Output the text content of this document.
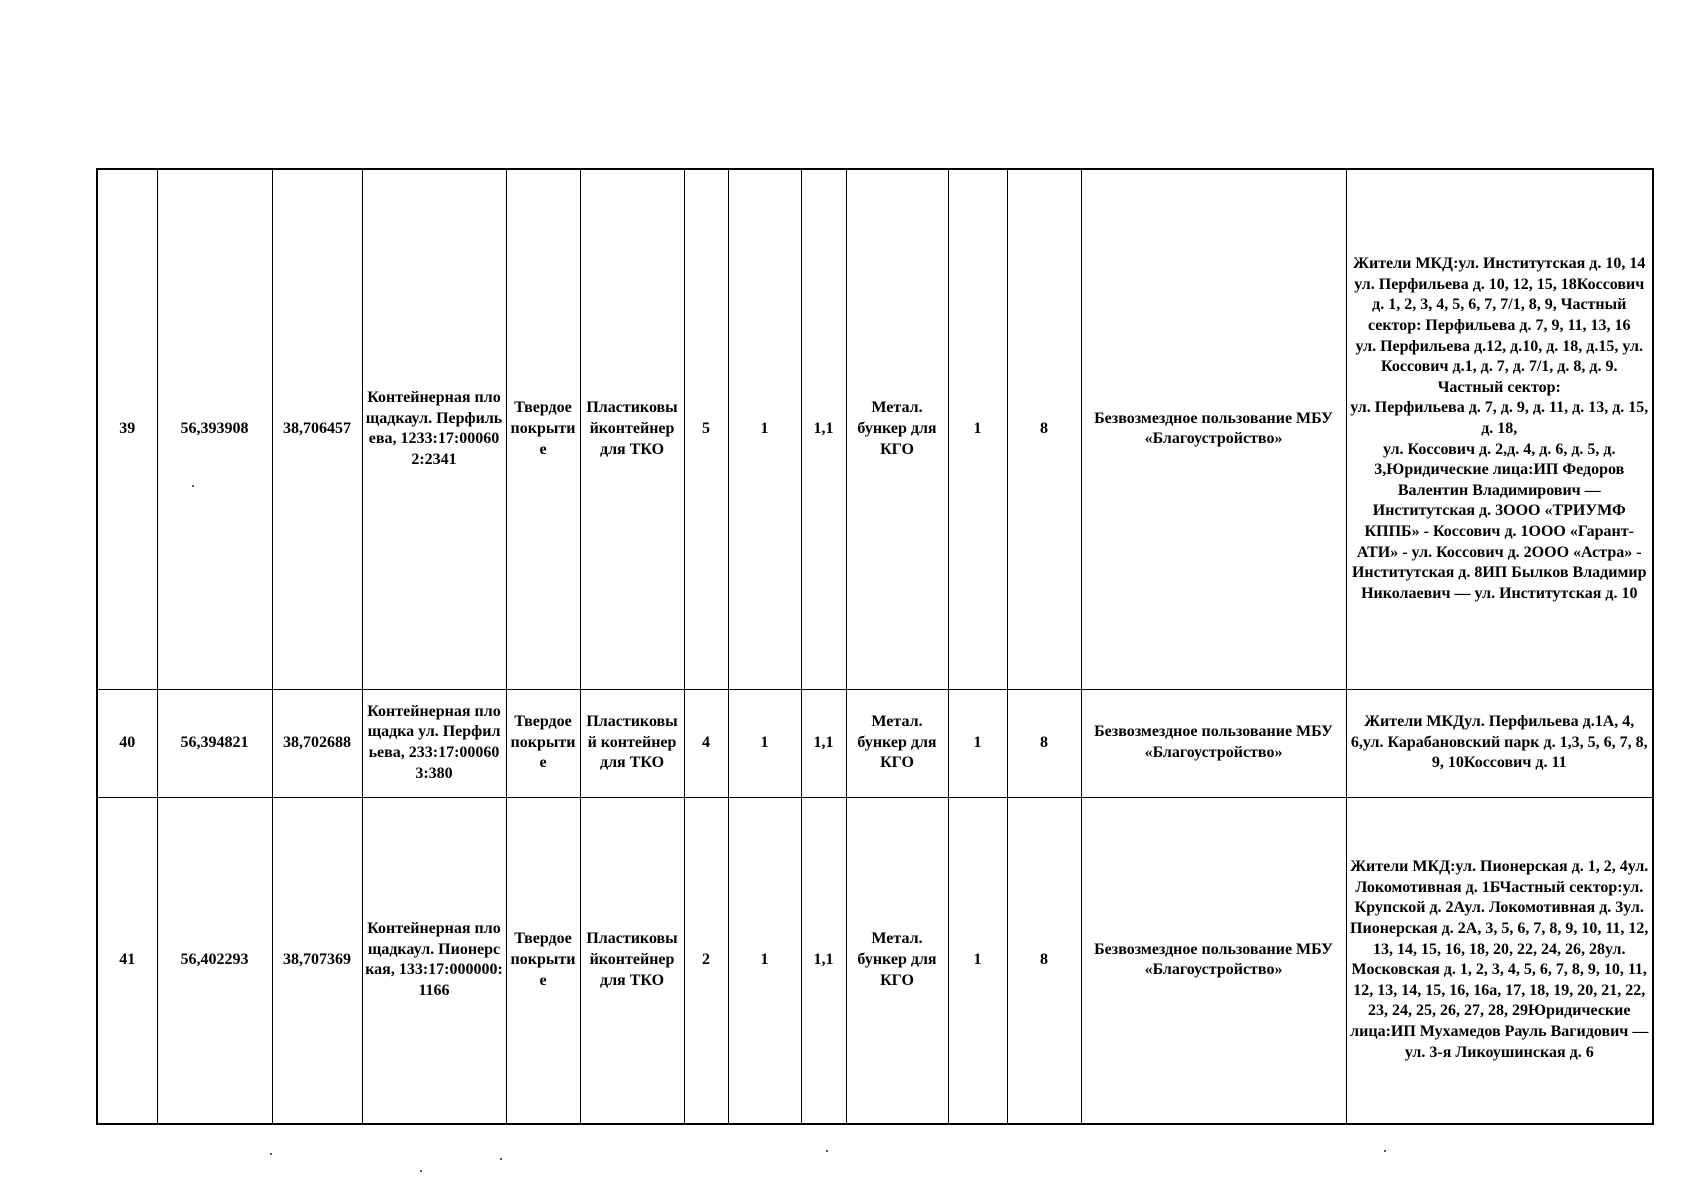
39	56,393908	38,706457	Контейнерная площадкаул. Перфильева, 1233:17:000602:2341	Твердое покрытие	Пластиковы йконтейнер для ТКО	5	1	1,1	Метал. бункер для КГО	1	8	Безвозмездное пользование МБУ «Благоустройство»	Жители МКД:ул. Институтская д. 10, 14 ул. Перфильева д. 10, 12, 15, 18Коссович д. 1, 2, 3, 4, 5, 6, 7, 7/1, 8, 9, Частный сектор: Перфильева д. 7, 9, 11, 13, 16
ул. Перфильева д.12, д.10, д. 18, д.15, ул. Коссович д.1, д. 7, д. 7/1, д. 8, д. 9. Частный сектор:
ул. Перфильева д. 7, д. 9, д. 11, д. 13, д. 15, д. 18,
ул. Коссович д. 2,д. 4, д. 6, д. 5, д. 3,Юридические лица:ИП Федоров Валентин Владимирович — Институтская д. 3ООО «ТРИУМФ КППБ» - Коссович д. 1ООО «Гарант-АТИ» - ул. Коссович д. 2ООО «Астра» - Институтская д. 8ИП Былков Владимир Николаевич — ул. Институтская д. 10
40	56,394821	38,702688	Контейнерная площадка ул. Перфильева, 233:17:000603:380	Твердое покрытие	Пластиковы й контейнер для ТКО	4	1	1,1	Метал. бункер для КГО	1	8	Безвозмездное пользование МБУ «Благоустройство»	Жители МКДул. Перфильева д.1А, 4, 6,ул. Карабановский парк д. 1,3, 5, 6, 7, 8, 9, 10Коссович д. 11
41	56,402293	38,707369	Контейнерная площадкаул. Пионерская, 133:17:000000:1166	Твердое покрытие	Пластиковы йконтейнер для ТКО	2	1	1,1	Метал. бункер для КГО	1	8	Безвозмездное пользование МБУ «Благоустройство»	Жители МКД:ул. Пионерская д. 1, 2, 4ул. Локомотивная д. 1БЧастный сектор:ул. Крупской д. 2Аул. Локомотивная д. 3ул. Пионерская д. 2А, 3, 5, 6, 7, 8, 9, 10, 11, 12, 13, 14, 15, 16, 18, 20, 22, 24, 26, 28ул. Московская д. 1, 2, 3, 4, 5, 6, 7, 8, 9, 10, 11, 12, 13, 14, 15, 16, 16а, 17, 18, 19, 20, 21, 22, 23, 24, 25, 26, 27, 28, 29Юридические лица:ИП Мухамедов Рауль Вагидович — ул. 3-я Ликоушинская д. 6
